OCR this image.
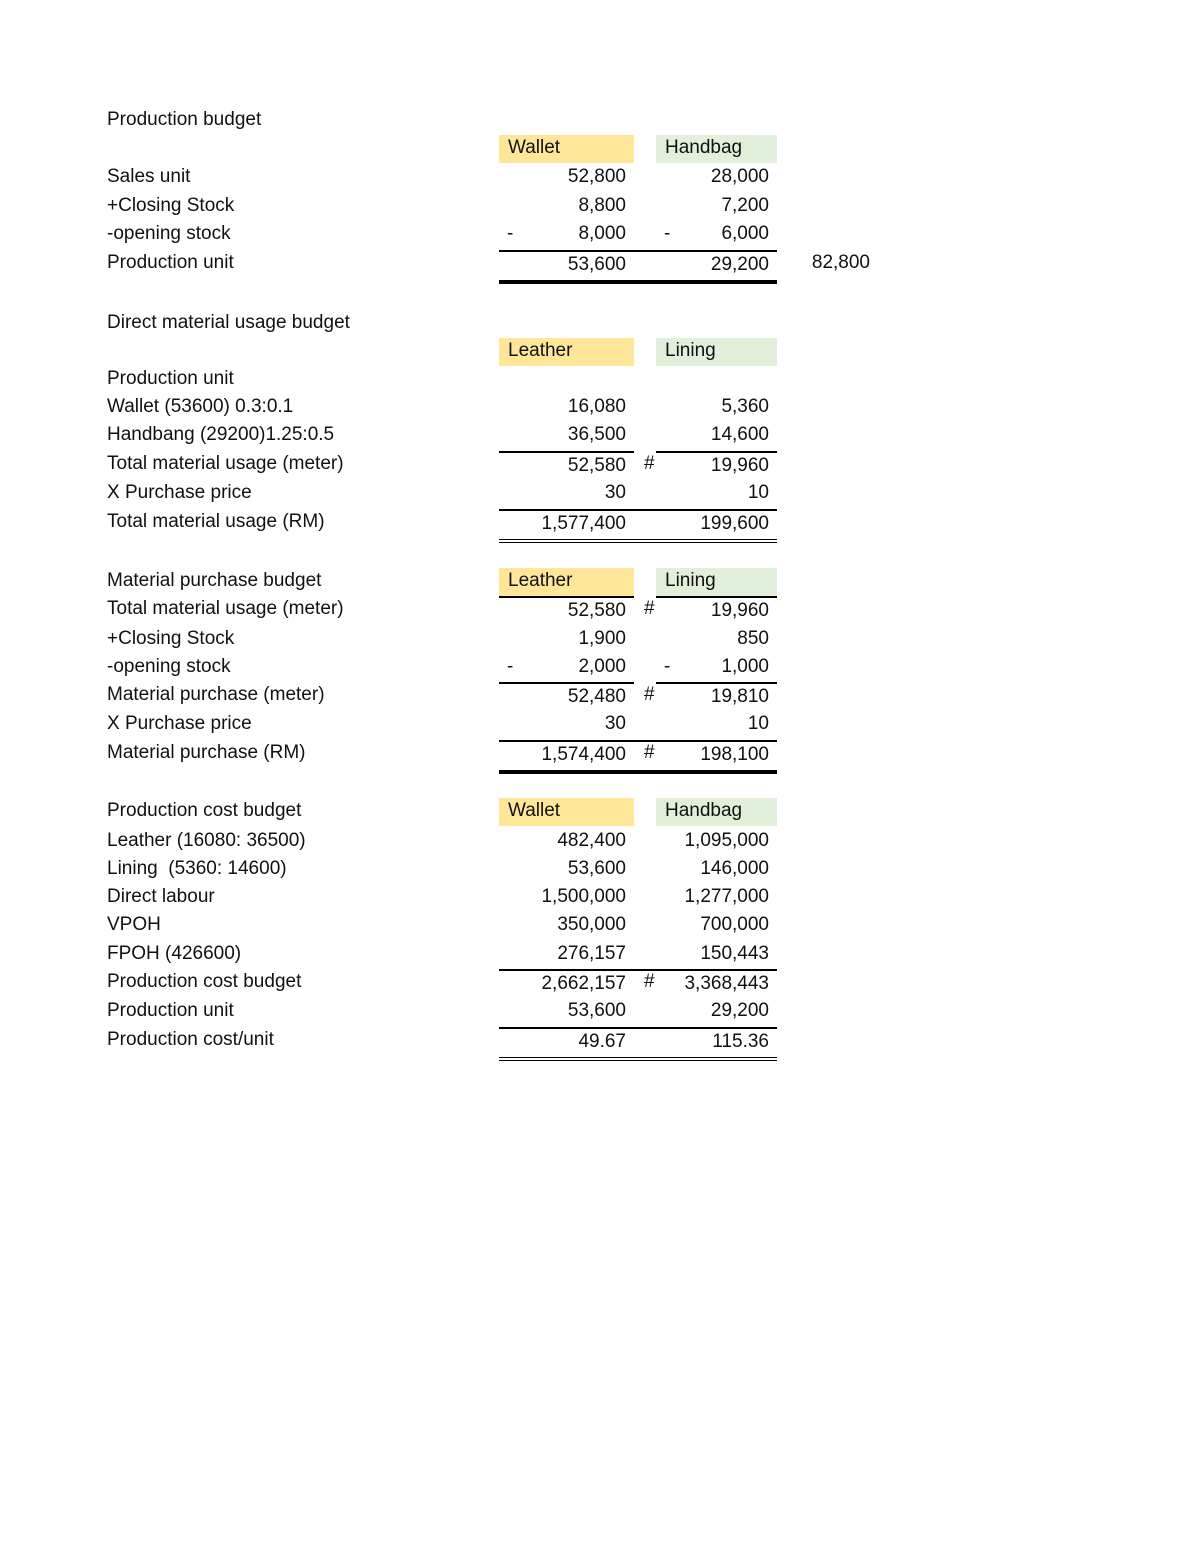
Production budget
Wallet	Handbag
Sales unit	52,800	28,000
+Closing Stock	8,800	7,200
-opening stock	-	8,000 -	6,000
Production unit	53,600	29,200 82,800
Direct material usage budget
Leather	Lining
Production unit
Wallet (53600) 0.3:0.1	16,080	5,360
Handbang (29200)1.25:0.5	36,500	14,600
Total material usage (meter)	52,580 #	19,960
X Purchase price	30	10
Total material usage (RM)	1,577,400	199,600
Material purchase budget	Leather	Lining
Total material usage (meter)	52,580 #	19,960
+Closing Stock	1,900	850
-opening stock	-	2,000 -	1,000
Material purchase (meter)	52,480 #	19,810
X Purchase price	30	10
Material purchase (RM)	1,574,400 # 198,100
Production cost budget	Wallet	Handbag
Leather (16080: 36500)	482,400	1,095,000
Lining  (5360: 14600)	53,600	146,000
Direct labour	1,500,000	1,277,000
VPOH	350,000	700,000
FPOH (426600)	276,157	150,443
Production cost budget	2,662,157 # 3,368,443
Production unit	53,600	29,200
Production cost/unit	49.67	115.36
